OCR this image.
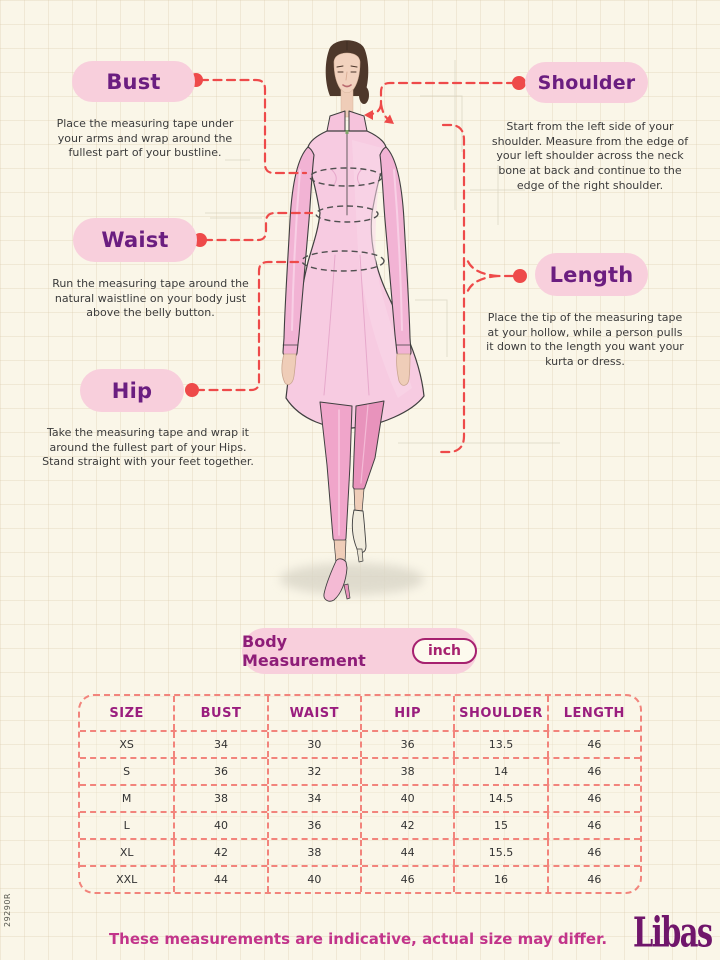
Bust
Place the measuring tape under your arms and wrap around the fullest part of your bustline.
Waist
Run the measuring tape around the natural waistline on your body just above the belly button.
Hip
Take the measuring tape and wrap it around the fullest part of your Hips. Stand straight with your feet together.
Shoulder
Start from the left side of your shoulder. Measure from the edge of your left shoulder across the neck bone at back and continue to the edge of the right shoulder.
Length
Place the tip of the measuring tape at your hollow, while a person pulls it down to the length you want your kurta or dress.
Body Measurement	inch
SIZE	BUST	WAIST	HIP	SHOULDER	LENGTH
XS	34	30	36	13.5	46
S	36	32	38	14	46
M	38	34	40	14.5	46
L	40	36	42	15	46
XL	42	38	44	15.5	46
XXL	44	40	46	16	46
These measurements are indicative, actual size may differ. Libas
29290R
